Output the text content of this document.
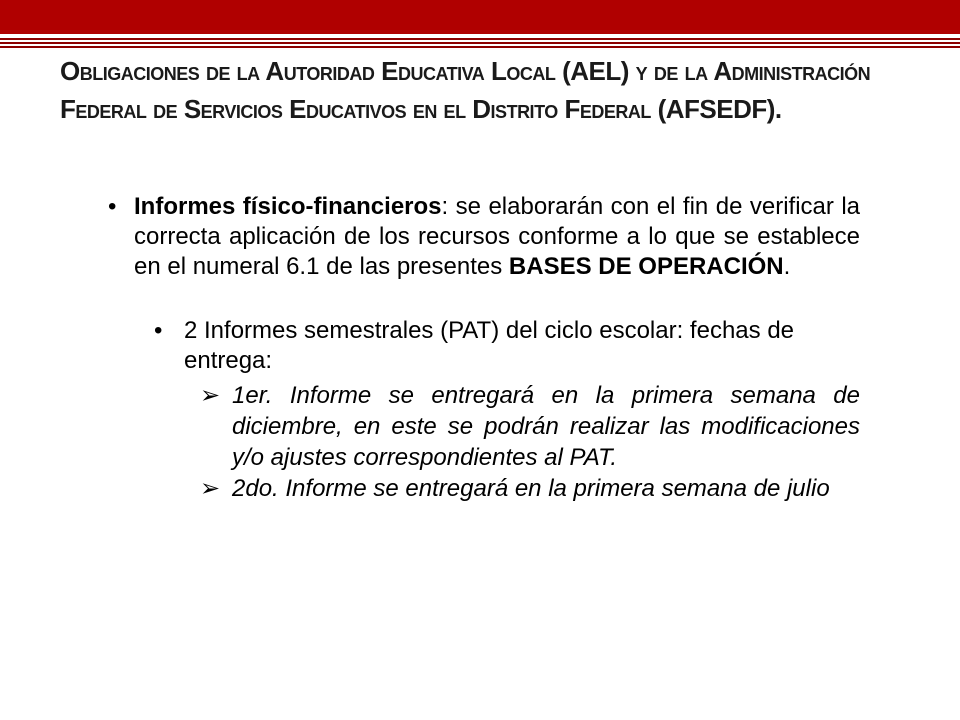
Obligaciones de la Autoridad Educativa Local (AEL) y de la Administración Federal de Servicios Educativos en el Distrito Federal (AFSEDF).

• Informes físico-financieros: se elaborarán con el fin de verificar la correcta aplicación de los recursos conforme a lo que se establece en el numeral 6.1 de las presentes BASES DE OPERACIÓN.

• 2 Informes semestrales (PAT) del ciclo escolar: fechas de entrega:
➢ 1er. Informe se entregará en la primera semana de diciembre, en este se podrán realizar las modificaciones y/o ajustes correspondientes al PAT.
➢ 2do. Informe se entregará en la primera semana de julio
